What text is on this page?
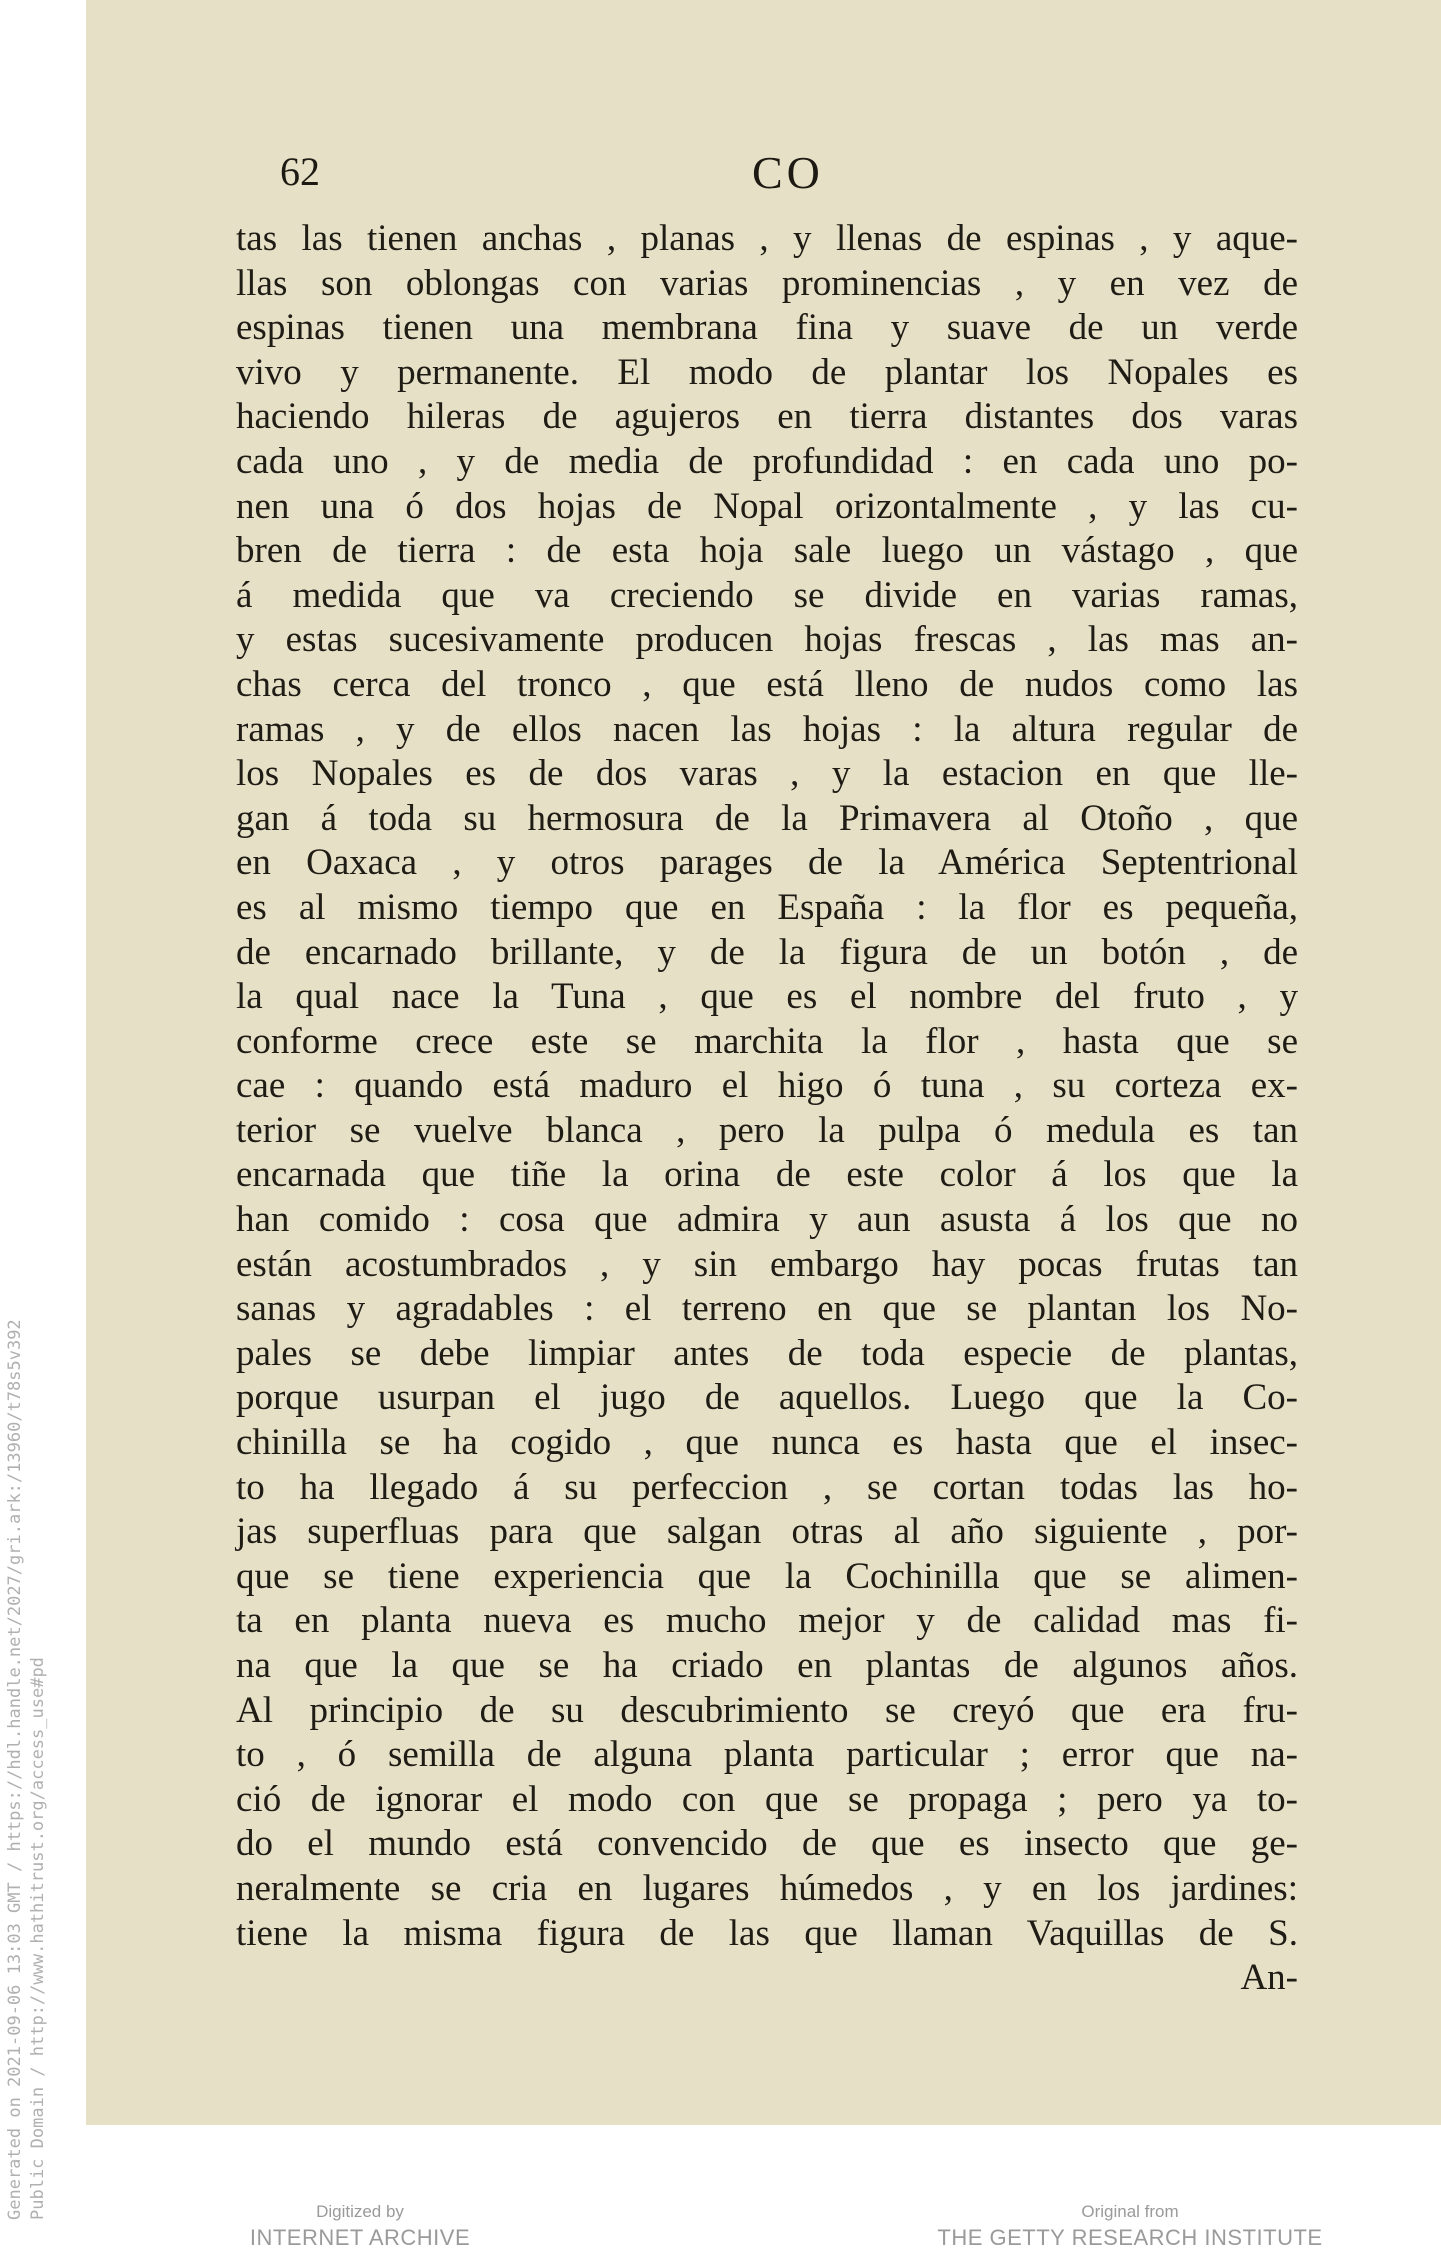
Generated on 2021-09-06 13:03 GMT / https://hdl.handle.net/2027/gri.ark:/13960/t78s5v392 Public Domain / http://www.hathitrust.org/access_use#pd
62	CO
tas las tienen anchas , planas , y llenas de espinas , y aque-
llas son oblongas con varias prominencias , y en vez de
espinas tienen una membrana fina y suave de un verde
vivo y permanente. El modo de plantar los Nopales es
haciendo hileras de agujeros en tierra distantes dos varas
cada uno , y de media de profundidad : en cada uno po-
nen una ó dos hojas de Nopal orizontalmente , y las cu-
bren de tierra : de esta hoja sale luego un vástago , que
á medida que va creciendo se divide en varias ramas,
y estas sucesivamente producen hojas frescas , las mas an-
chas cerca del tronco , que está lleno de nudos como las
ramas , y de ellos nacen las hojas : la altura regular de
los Nopales es de dos varas , y la estacion en que lle-
gan á toda su hermosura de la Primavera al Otoño , que
en Oaxaca , y otros parages de la América Septentrional
es al mismo tiempo que en España : la flor es pequeña,
de encarnado brillante, y de la figura de un botón , de
la qual nace la Tuna , que es el nombre del fruto , y
conforme crece este se marchita la flor , hasta que se
cae : quando está maduro el higo ó tuna , su corteza ex-
terior se vuelve blanca , pero la pulpa ó medula es tan
encarnada que tiñe la orina de este color á los que la
han comido : cosa que admira y aun asusta á los que no
están acostumbrados , y sin embargo hay pocas frutas tan
sanas y agradables : el terreno en que se plantan los No-
pales se debe limpiar antes de toda especie de plantas,
porque usurpan el jugo de aquellos. Luego que la Co-
chinilla se ha cogido , que nunca es hasta que el insec-
to ha llegado á su perfeccion , se cortan todas las ho-
jas superfluas para que salgan otras al año siguiente , por-
que se tiene experiencia que la Cochinilla que se alimen-
ta en planta nueva es mucho mejor y de calidad mas fi-
na que la que se ha criado en plantas de algunos años.
Al principio de su descubrimiento se creyó que era fru-
to , ó semilla de alguna planta particular ; error que na-
ció de ignorar el modo con que se propaga ; pero ya to-
do el mundo está convencido de que es insecto que ge-
neralmente se cria en lugares húmedos , y en los jardines:
tiene la misma figura de las que llaman Vaquillas de S.
An-
Digitized by
INTERNET ARCHIVE
Original from
THE GETTY RESEARCH INSTITUTE
